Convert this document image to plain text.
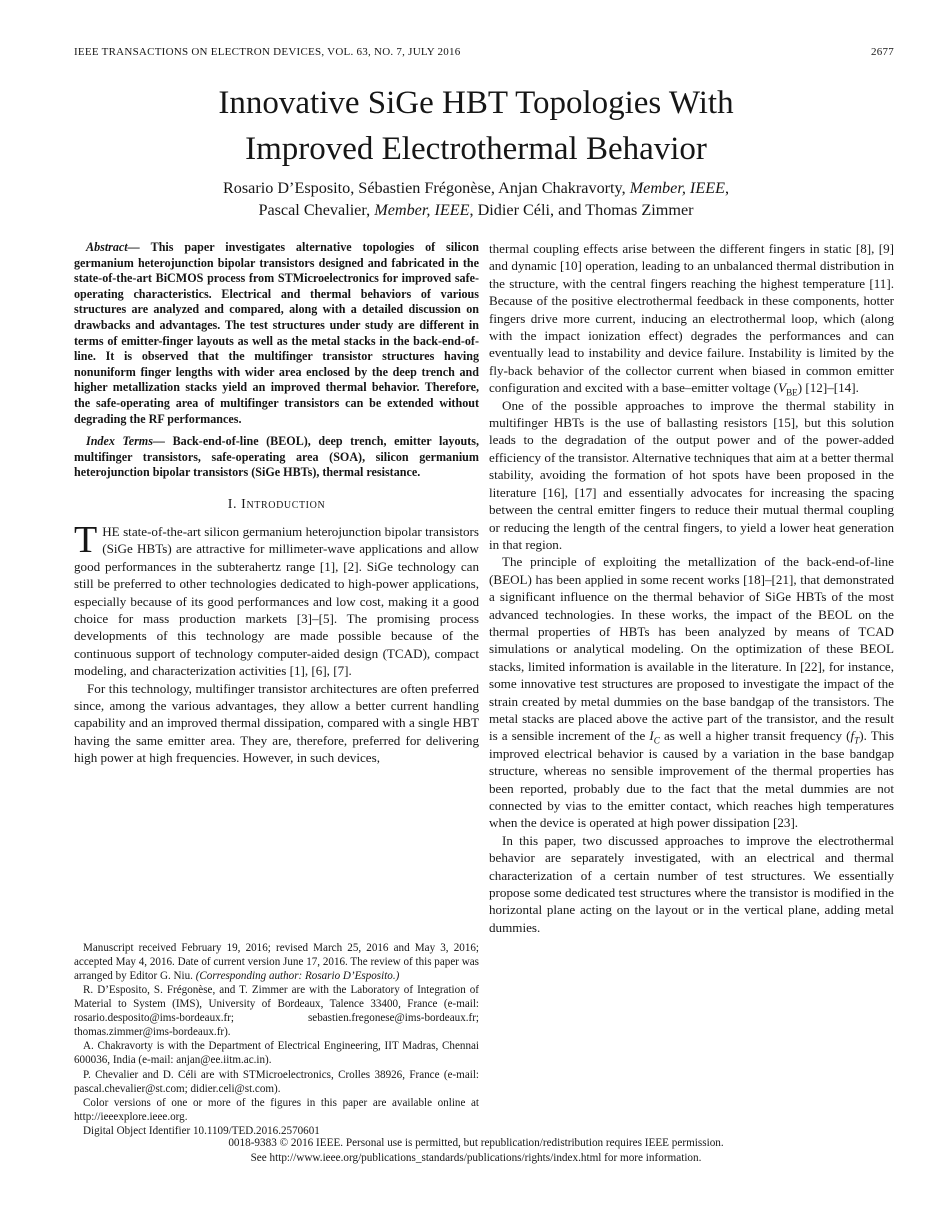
IEEE TRANSACTIONS ON ELECTRON DEVICES, VOL. 63, NO. 7, JULY 2016	2677
Innovative SiGe HBT Topologies With
Improved Electrothermal Behavior
Rosario D’Esposito, Sébastien Frégonèse, Anjan Chakravorty, Member, IEEE,
Pascal Chevalier, Member, IEEE, Didier Céli, and Thomas Zimmer

Abstract— This paper investigates alternative topologies of silicon germanium heterojunction bipolar transistors designed and fabricated in the state-of-the-art BiCMOS process from STMicroelectronics for improved safe-operating characteristics. Electrical and thermal behaviors of various structures are analyzed and compared, along with a detailed discussion on drawbacks and advantages. The test structures under study are different in terms of emitter-finger layouts as well as the metal stacks in the back-end-of-line. It is observed that the multifinger transistor structures having nonuniform finger lengths with wider area enclosed by the deep trench and higher metallization stacks yield an improved thermal behavior. Therefore, the safe-operating area of multifinger transistors can be extended without degrading the RF performances.

Index Terms— Back-end-of-line (BEOL), deep trench, emitter layouts, multifinger transistors, safe-operating area (SOA), silicon germanium heterojunction bipolar transistors (SiGe HBTs), thermal resistance.

I. Introduction

THE state-of-the-art silicon germanium heterojunction bipolar transistors (SiGe HBTs) are attractive for millimeter-wave applications and allow good performances in the subterahertz range [1], [2]. SiGe technology can still be preferred to other technologies dedicated to high-power applications, especially because of its good performances and low cost, making it a good choice for mass production markets [3]–[5]. The promising process developments of this technology are made possible because of the continuous support of technology computer-aided design (TCAD), compact modeling, and characterization activities [1], [6], [7].

For this technology, multifinger transistor architectures are often preferred since, among the various advantages, they allow a better current handling capability and an improved thermal dissipation, compared with a single HBT having the same emitter area. They are, therefore, preferred for delivering high power at high frequencies. However, in such devices,

Manuscript received February 19, 2016; revised March 25, 2016 and May 3, 2016; accepted May 4, 2016. Date of current version June 17, 2016. The review of this paper was arranged by Editor G. Niu. (Corresponding author: Rosario D’Esposito.)

R. D’Esposito, S. Frégonèse, and T. Zimmer are with the Laboratory of Integration of Material to System (IMS), University of Bordeaux, Talence 33400, France (e-mail: rosario.desposito@ims-bordeaux.fr; sebastien.fregonese@ims-bordeaux.fr; thomas.zimmer@ims-bordeaux.fr).

A. Chakravorty is with the Department of Electrical Engineering, IIT Madras, Chennai 600036, India (e-mail: anjan@ee.iitm.ac.in).

P. Chevalier and D. Céli are with STMicroelectronics, Crolles 38926, France (e-mail: pascal.chevalier@st.com; didier.celi@st.com).

Color versions of one or more of the figures in this paper are available online at http://ieeexplore.ieee.org.

Digital Object Identifier 10.1109/TED.2016.2570601

thermal coupling effects arise between the different fingers in static [8], [9] and dynamic [10] operation, leading to an unbalanced thermal distribution in the structure, with the central fingers reaching the highest temperature [11]. Because of the positive electrothermal feedback in these components, hotter fingers drive more current, inducing an electrothermal loop, which (along with the impact ionization effect) degrades the performances and can eventually lead to instability and device failure. Instability is limited by the fly-back behavior of the collector current when biased in common emitter configuration and excited with a base–emitter voltage $(V_{BE})$ [12]–[14].

One of the possible approaches to improve the thermal stability in multifinger HBTs is the use of ballasting resistors [15], but this solution leads to the degradation of the output power and of the power-added efficiency of the transistor. Alternative techniques that aim at a better thermal stability, avoiding the formation of hot spots have been proposed in the literature [16], [17] and essentially advocates for increasing the spacing between the central emitter fingers to reduce their mutual thermal coupling or reducing the length of the central fingers, to yield a lower heat generation in that region.

The principle of exploiting the metallization of the back-end-of-line (BEOL) has been applied in some recent works [18]–[21], that demonstrated a significant influence on the thermal behavior of SiGe HBTs of the most advanced technologies. In these works, the impact of the BEOL on the thermal properties of HBTs has been analyzed by means of TCAD simulations or analytical modeling. On the optimization of these BEOL stacks, limited information is available in the literature. In [22], for instance, some innovative test structures are proposed to investigate the impact of the strain created by metal dummies on the base bandgap of the transistors. The metal stacks are placed above the active part of the transistor, and the result is a sensible increment of the $I_C$ as well a higher transit frequency $(f_T)$. This improved electrical behavior is caused by a variation in the base bandgap structure, whereas no sensible improvement of the thermal properties has been reported, probably due to the fact that the metal dummies are not connected by vias to the emitter contact, which reaches high temperatures when the device is operated at high power dissipation [23].

In this paper, two discussed approaches to improve the electrothermal behavior are separately investigated, with an electrical and thermal characterization of a certain number of test structures. We essentially propose some dedicated test structures where the transistor is modified in the horizontal plane acting on the layout or in the vertical plane, adding metal dummies.

0018-9383 © 2016 IEEE. Personal use is permitted, but republication/redistribution requires IEEE permission.
See http://www.ieee.org/publications_standards/publications/rights/index.html for more information.
